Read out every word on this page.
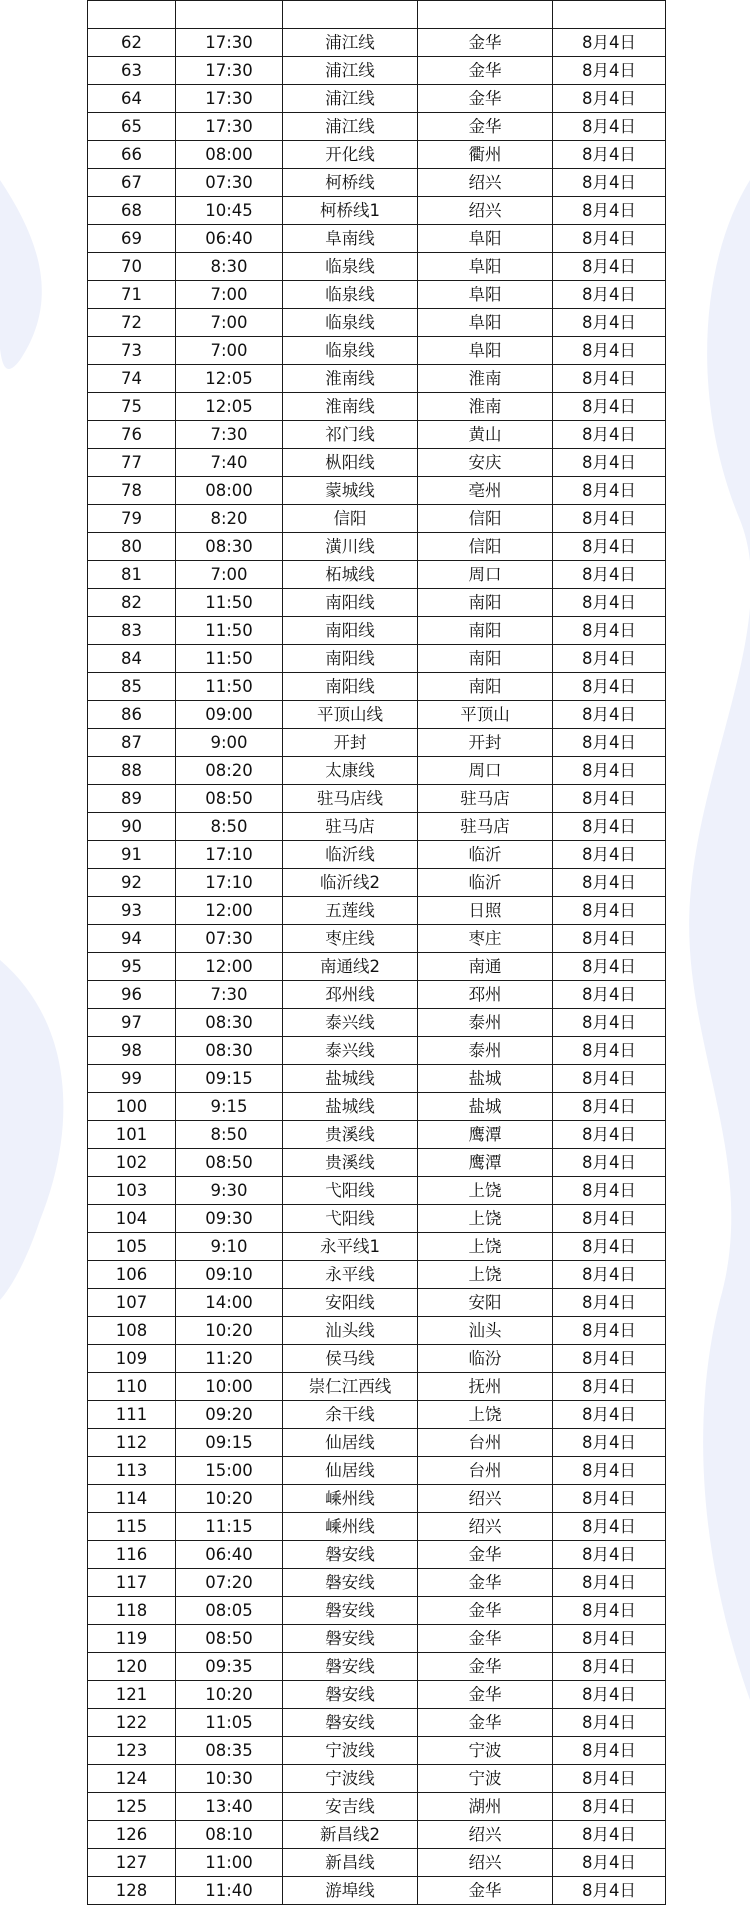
62	17:30	浦江线	金华	8月4日
63	17:30	浦江线	金华	8月4日
64	17:30	浦江线	金华	8月4日
65	17:30	浦江线	金华	8月4日
66	08:00	开化线	衢州	8月4日
67	07:30	柯桥线	绍兴	8月4日
68	10:45	柯桥线1	绍兴	8月4日
69	06:40	阜南线	阜阳	8月4日
70	8:30	临泉线	阜阳	8月4日
71	7:00	临泉线	阜阳	8月4日
72	7:00	临泉线	阜阳	8月4日
73	7:00	临泉线	阜阳	8月4日
74	12:05	淮南线	淮南	8月4日
75	12:05	淮南线	淮南	8月4日
76	7:30	祁门线	黄山	8月4日
77	7:40	枞阳线	安庆	8月4日
78	08:00	蒙城线	亳州	8月4日
79	8:20	信阳	信阳	8月4日
80	08:30	潢川线	信阳	8月4日
81	7:00	柘城线	周口	8月4日
82	11:50	南阳线	南阳	8月4日
83	11:50	南阳线	南阳	8月4日
84	11:50	南阳线	南阳	8月4日
85	11:50	南阳线	南阳	8月4日
86	09:00	平顶山线	平顶山	8月4日
87	9:00	开封	开封	8月4日
88	08:20	太康线	周口	8月4日
89	08:50	驻马店线	驻马店	8月4日
90	8:50	驻马店	驻马店	8月4日
91	17:10	临沂线	临沂	8月4日
92	17:10	临沂线2	临沂	8月4日
93	12:00	五莲线	日照	8月4日
94	07:30	枣庄线	枣庄	8月4日
95	12:00	南通线2	南通	8月4日
96	7:30	邳州线	邳州	8月4日
97	08:30	泰兴线	泰州	8月4日
98	08:30	泰兴线	泰州	8月4日
99	09:15	盐城线	盐城	8月4日
100	9:15	盐城线	盐城	8月4日
101	8:50	贵溪线	鹰潭	8月4日
102	08:50	贵溪线	鹰潭	8月4日
103	9:30	弋阳线	上饶	8月4日
104	09:30	弋阳线	上饶	8月4日
105	9:10	永平线1	上饶	8月4日
106	09:10	永平线	上饶	8月4日
107	14:00	安阳线	安阳	8月4日
108	10:20	汕头线	汕头	8月4日
109	11:20	侯马线	临汾	8月4日
110	10:00	崇仁江西线	抚州	8月4日
111	09:20	余干线	上饶	8月4日
112	09:15	仙居线	台州	8月4日
113	15:00	仙居线	台州	8月4日
114	10:20	嵊州线	绍兴	8月4日
115	11:15	嵊州线	绍兴	8月4日
116	06:40	磐安线	金华	8月4日
117	07:20	磐安线	金华	8月4日
118	08:05	磐安线	金华	8月4日
119	08:50	磐安线	金华	8月4日
120	09:35	磐安线	金华	8月4日
121	10:20	磐安线	金华	8月4日
122	11:05	磐安线	金华	8月4日
123	08:35	宁波线	宁波	8月4日
124	10:30	宁波线	宁波	8月4日
125	13:40	安吉线	湖州	8月4日
126	08:10	新昌线2	绍兴	8月4日
127	11:00	新昌线	绍兴	8月4日
128	11:40	游埠线	金华	8月4日
